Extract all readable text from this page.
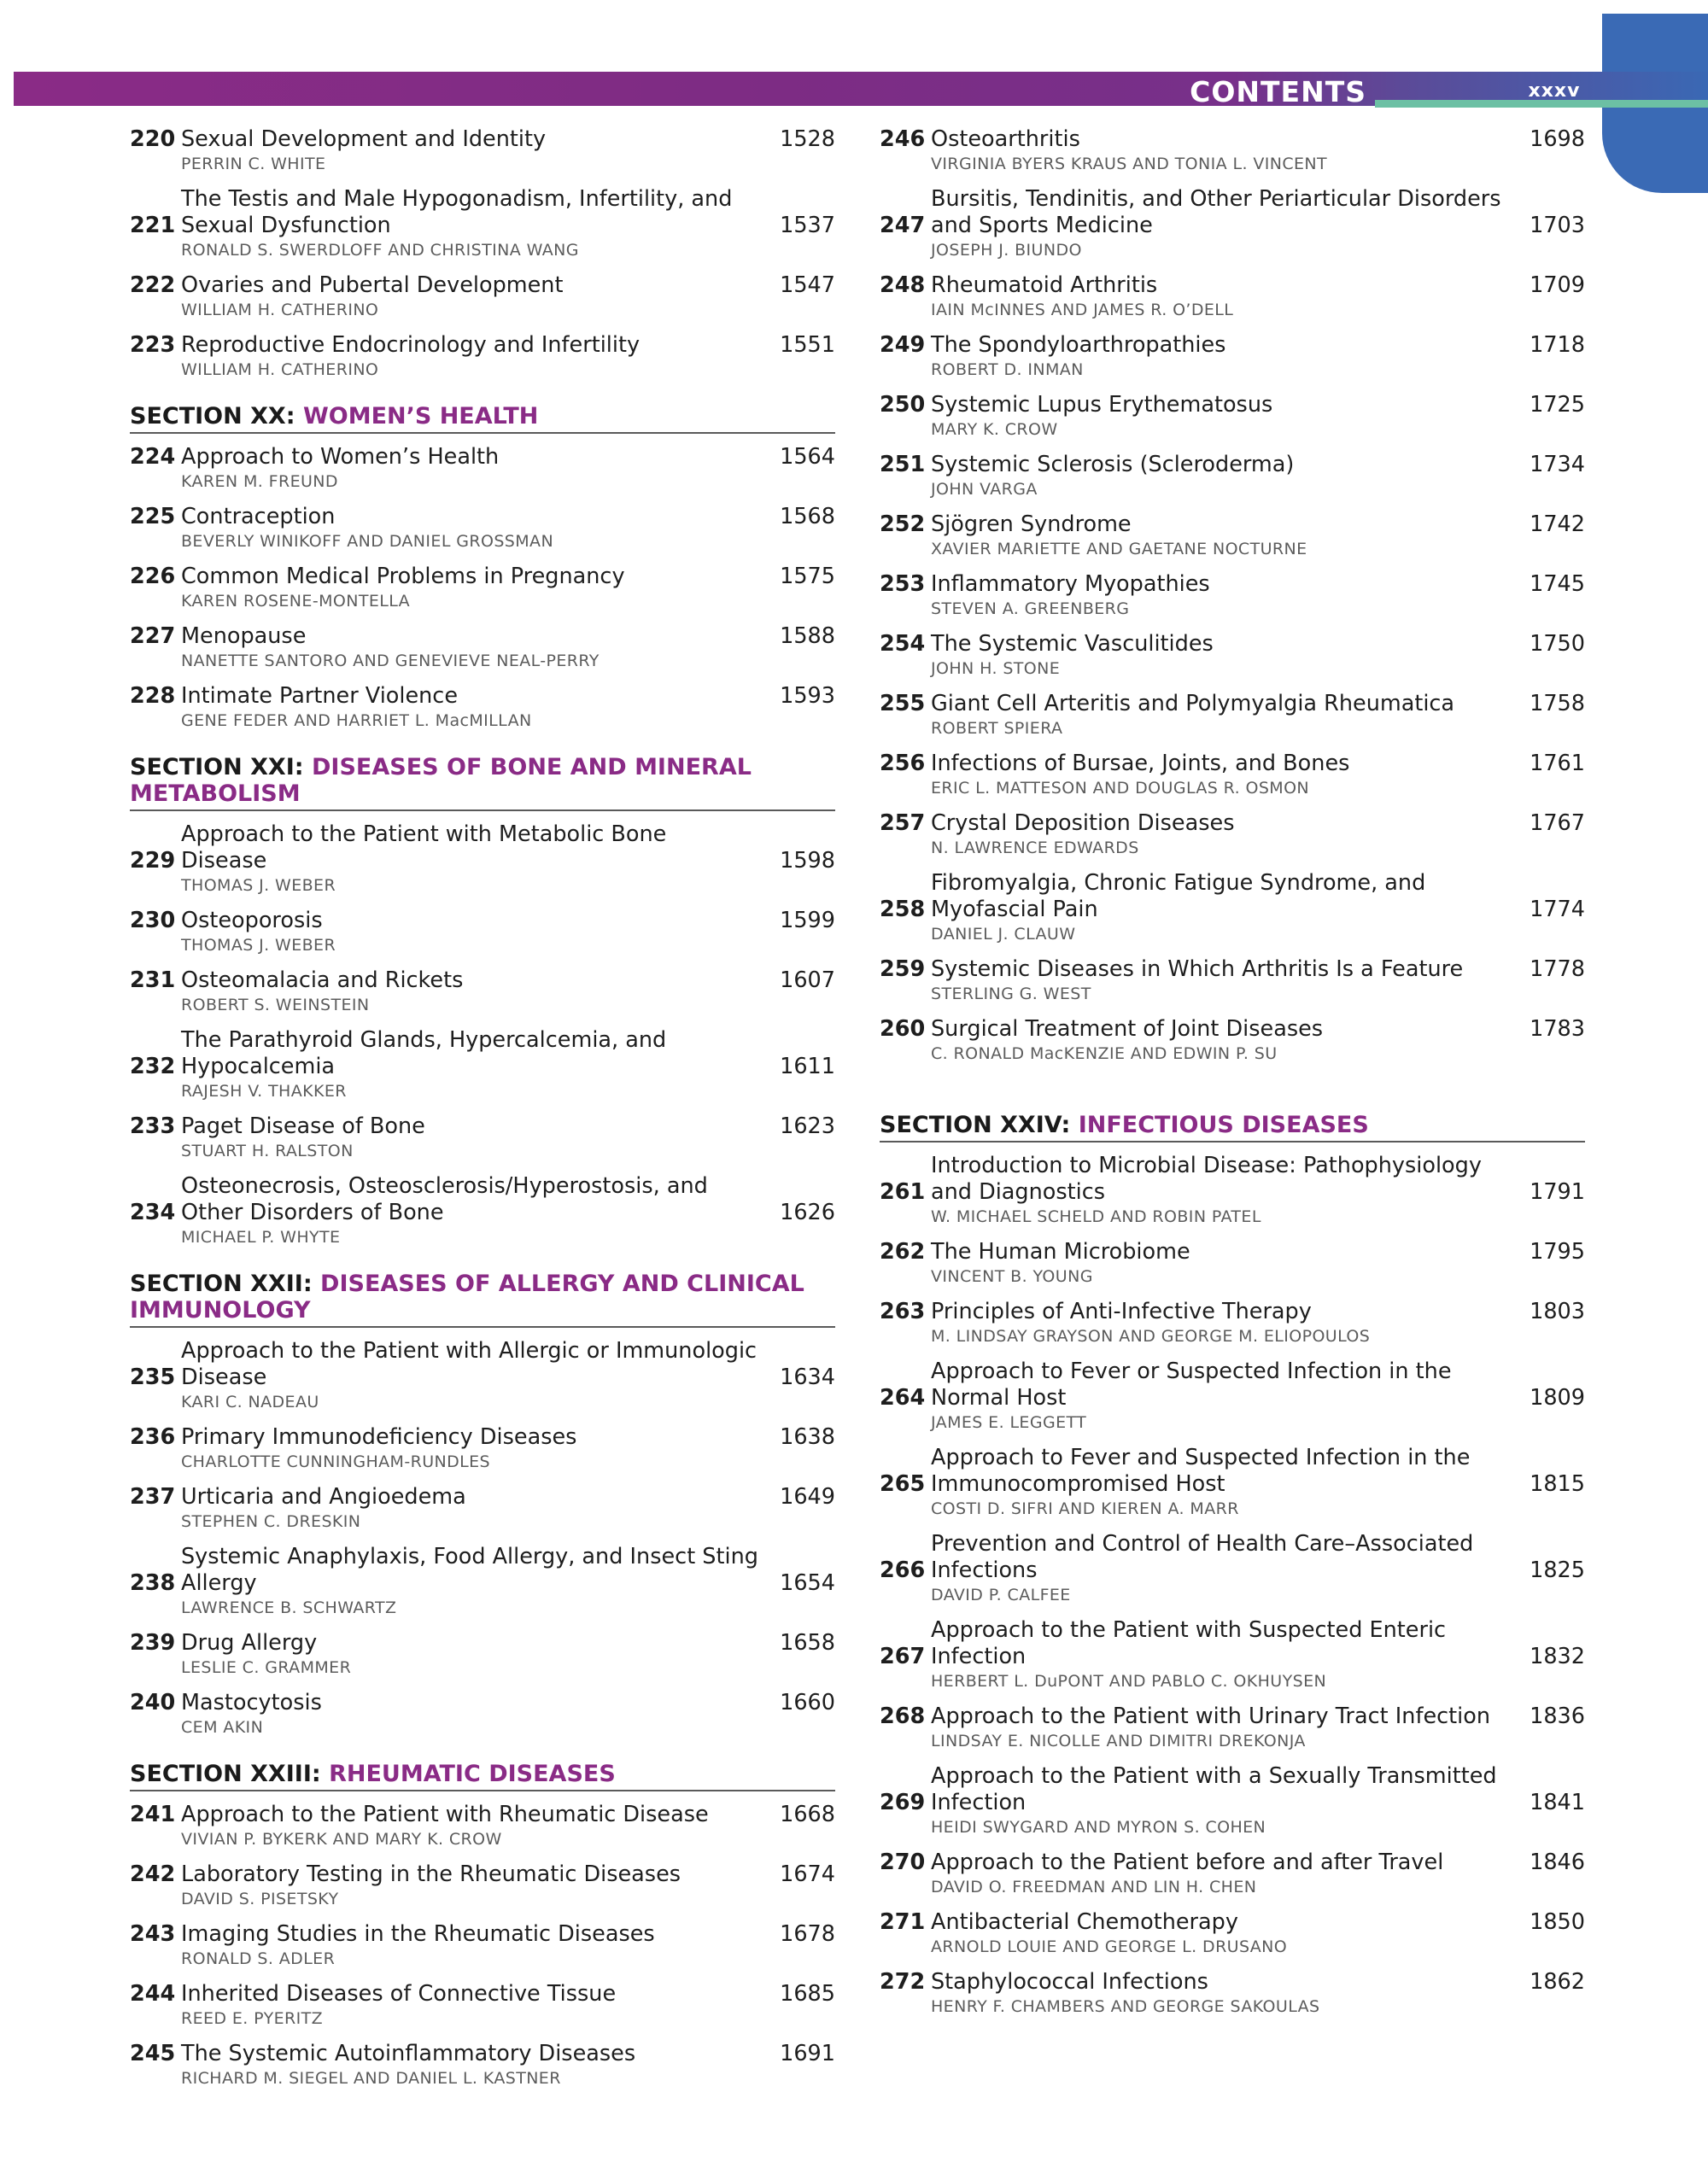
CONTENTS	xxxv
220 Sexual Development and Identity	1528
PERRIN C. WHITE
221
The Testis and Male Hypogonadism, Infertility, and Sexual Dysfunction	1537
RONALD S. SWERDLOFF AND CHRISTINA WANG
222 Ovaries and Pubertal Development	1547
WILLIAM H. CATHERINO
223 Reproductive Endocrinology and Infertility	1551
WILLIAM H. CATHERINO
SECTION XX: WOMEN’S HEALTH
224 Approach to Women’s Health	1564
KAREN M. FREUND
225 Contraception	1568
BEVERLY WINIKOFF AND DANIEL GROSSMAN
226 Common Medical Problems in Pregnancy	1575
KAREN ROSENE-MONTELLA
227 Menopause	1588
NANETTE SANTORO AND GENEVIEVE NEAL-PERRY
228 Intimate Partner Violence	1593
GENE FEDER AND HARRIET L. MacMILLAN
SECTION XXI: DISEASES OF BONE AND MINERAL METABOLISM
229
Approach to the Patient with Metabolic Bone Disease	1598
THOMAS J. WEBER
230 Osteoporosis	1599
THOMAS J. WEBER
231 Osteomalacia and Rickets	1607
ROBERT S. WEINSTEIN
232
The Parathyroid Glands, Hypercalcemia, and Hypocalcemia	1611
RAJESH V. THAKKER
233 Paget Disease of Bone	1623
STUART H. RALSTON
234
Osteonecrosis, Osteosclerosis/Hyperostosis, and Other Disorders of Bone	1626
MICHAEL P. WHYTE
SECTION XXII: DISEASES OF ALLERGY AND CLINICAL IMMUNOLOGY
235
Approach to the Patient with Allergic or Immunologic Disease	1634
KARI C. NADEAU
236 Primary Immunodeficiency Diseases	1638
CHARLOTTE CUNNINGHAM-RUNDLES
237 Urticaria and Angioedema	1649
STEPHEN C. DRESKIN
238
Systemic Anaphylaxis, Food Allergy, and Insect Sting Allergy	1654
LAWRENCE B. SCHWARTZ
239 Drug Allergy	1658
LESLIE C. GRAMMER
240 Mastocytosis	1660
CEM AKIN
SECTION XXIII: RHEUMATIC DISEASES
241 Approach to the Patient with Rheumatic Disease	1668
VIVIAN P. BYKERK AND MARY K. CROW
242 Laboratory Testing in the Rheumatic Diseases	1674
DAVID S. PISETSKY
243 Imaging Studies in the Rheumatic Diseases	1678
RONALD S. ADLER
244 Inherited Diseases of Connective Tissue	1685
REED E. PYERITZ
245 The Systemic Autoinflammatory Diseases	1691
RICHARD M. SIEGEL AND DANIEL L. KASTNER
246 Osteoarthritis	1698
VIRGINIA BYERS KRAUS AND TONIA L. VINCENT
247
Bursitis, Tendinitis, and Other Periarticular Disorders and Sports Medicine	1703
JOSEPH J. BIUNDO
248 Rheumatoid Arthritis	1709
IAIN McINNES AND JAMES R. O’DELL
249 The Spondyloarthropathies	1718
ROBERT D. INMAN
250 Systemic Lupus Erythematosus	1725
MARY K. CROW
251 Systemic Sclerosis (Scleroderma)	1734
JOHN VARGA
252 Sjögren Syndrome	1742
XAVIER MARIETTE AND GAETANE NOCTURNE
253 Inflammatory Myopathies	1745
STEVEN A. GREENBERG
254 The Systemic Vasculitides	1750
JOHN H. STONE
255 Giant Cell Arteritis and Polymyalgia Rheumatica	1758
ROBERT SPIERA
256 Infections of Bursae, Joints, and Bones	1761
ERIC L. MATTESON AND DOUGLAS R. OSMON
257 Crystal Deposition Diseases	1767
N. LAWRENCE EDWARDS
258
Fibromyalgia, Chronic Fatigue Syndrome, and Myofascial Pain	1774
DANIEL J. CLAUW
259 Systemic Diseases in Which Arthritis Is a Feature	1778
STERLING G. WEST
260 Surgical Treatment of Joint Diseases	1783
C. RONALD MacKENZIE AND EDWIN P. SU
SECTION XXIV: INFECTIOUS DISEASES
261
Introduction to Microbial Disease: Pathophysiology and Diagnostics	1791
W. MICHAEL SCHELD AND ROBIN PATEL
262 The Human Microbiome	1795
VINCENT B. YOUNG
263 Principles of Anti-Infective Therapy	1803
M. LINDSAY GRAYSON AND GEORGE M. ELIOPOULOS
264
Approach to Fever or Suspected Infection in the Normal Host	1809
JAMES E. LEGGETT
265
Approach to Fever and Suspected Infection in the Immunocompromised Host	1815
COSTI D. SIFRI AND KIEREN A. MARR
266
Prevention and Control of Health Care–Associated Infections	1825
DAVID P. CALFEE
267
Approach to the Patient with Suspected Enteric Infection	1832
HERBERT L. DuPONT AND PABLO C. OKHUYSEN
268 Approach to the Patient with Urinary Tract Infection	1836
LINDSAY E. NICOLLE AND DIMITRI DREKONJA
269
Approach to the Patient with a Sexually Transmitted Infection	1841
HEIDI SWYGARD AND MYRON S. COHEN
270 Approach to the Patient before and after Travel	1846
DAVID O. FREEDMAN AND LIN H. CHEN
271 Antibacterial Chemotherapy	1850
ARNOLD LOUIE AND GEORGE L. DRUSANO
272 Staphylococcal Infections	1862
HENRY F. CHAMBERS AND GEORGE SAKOULAS
